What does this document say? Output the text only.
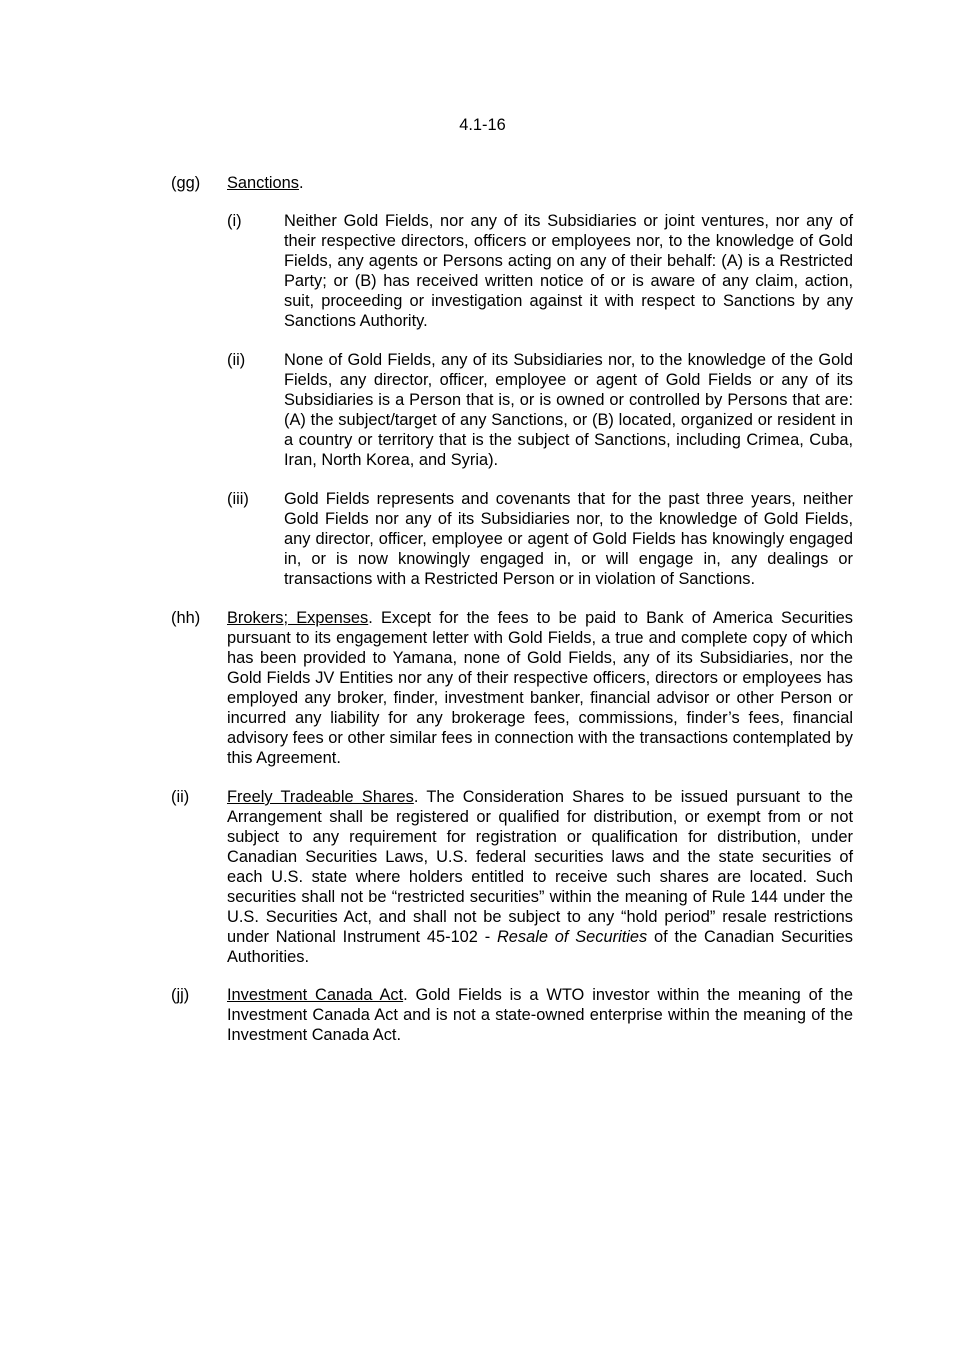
4.1-16
(gg) Sanctions.
(i)	Neither Gold Fields, nor any of its Subsidiaries or joint ventures, nor any of their respective directors, officers or employees nor, to the knowledge of Gold Fields, any agents or Persons acting on any of their behalf: (A) is a Restricted Party; or (B) has received written notice of or is aware of any claim, action, suit, proceeding or investigation against it with respect to Sanctions by any Sanctions Authority.
(ii) None of Gold Fields, any of its Subsidiaries nor, to the knowledge of the Gold Fields, any director, officer, employee or agent of Gold Fields or any of its Subsidiaries is a Person that is, or is owned or controlled by Persons that are: (A) the subject/target of any Sanctions, or (B) located, organized or resident in a country or territory that is the subject of Sanctions, including Crimea, Cuba, Iran, North Korea, and Syria).
(iii) Gold Fields represents and covenants that for the past three years, neither Gold Fields nor any of its Subsidiaries nor, to the knowledge of Gold Fields, any director, officer, employee or agent of Gold Fields has knowingly engaged in, or is now knowingly engaged in, or will engage in, any dealings or transactions with a Restricted Person or in violation of Sanctions.
(hh) Brokers; Expenses. Except for the fees to be paid to Bank of America Securities pursuant to its engagement letter with Gold Fields, a true and complete copy of which has been provided to Yamana, none of Gold Fields, any of its Subsidiaries, nor the Gold Fields JV Entities nor any of their respective officers, directors or employees has employed any broker, finder, investment banker, financial advisor or other Person or incurred any liability for any brokerage fees, commissions, finder’s fees, financial advisory fees or other similar fees in connection with the transactions contemplated by this Agreement.
(ii) Freely Tradeable Shares. The Consideration Shares to be issued pursuant to the Arrangement shall be registered or qualified for distribution, or exempt from or not subject to any requirement for registration or qualification for distribution, under Canadian Securities Laws, U.S. federal securities laws and the state securities of each U.S. state where holders entitled to receive such shares are located. Such securities shall not be “restricted securities” within the meaning of Rule 144 under the U.S. Securities Act, and shall not be subject to any “hold period” resale restrictions under National Instrument 45-102 - Resale of Securities of the Canadian Securities Authorities.
(jj) Investment Canada Act. Gold Fields is a WTO investor within the meaning of the Investment Canada Act and is not a state-owned enterprise within the meaning of the Investment Canada Act.
